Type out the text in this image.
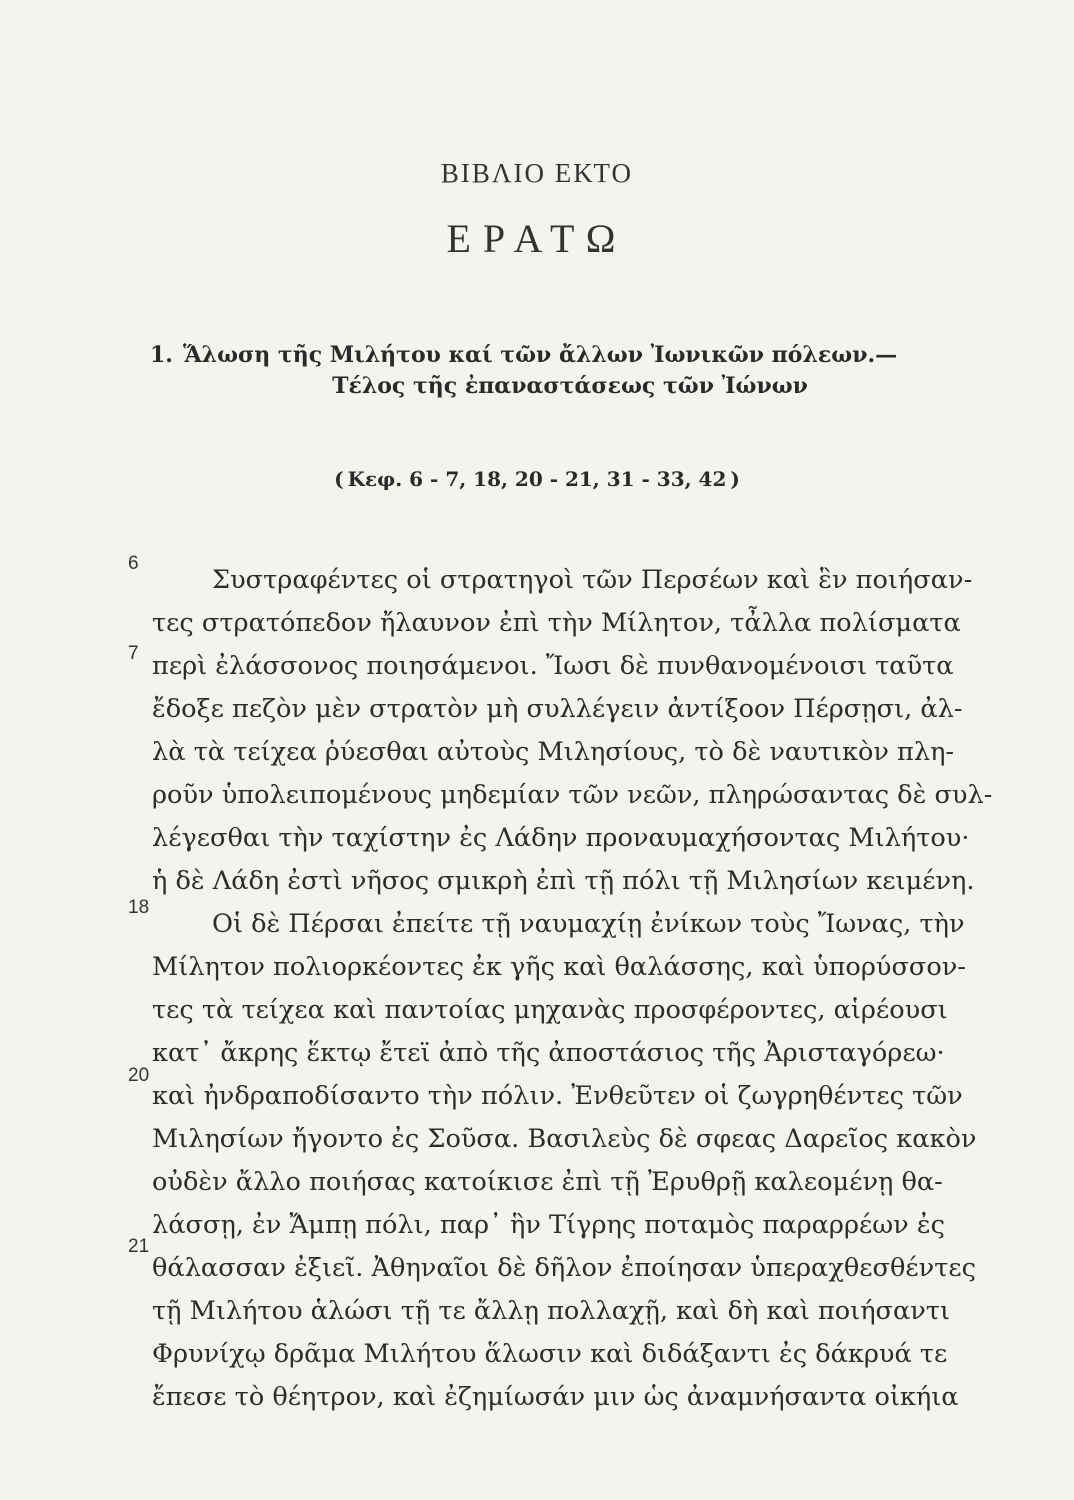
ΒΙΒΛΙΟ ΕΚΤΟ
ΕΡΑΤΩ
1. Ἅλωση τῆς Μιλήτου καί τῶν ἄλλων Ἰωνικῶν πόλεων.—
Τέλος τῆς ἐπαναστάσεως τῶν Ἰώνων
( Κεφ. 6 - 7, 18, 20 - 21, 31 - 33, 42 )
6
7
18
20
21
Συστραφέντες οἱ στρατηγοὶ τῶν Περσέων καὶ ἓν ποιήσαν-
τες στρατόπεδον ἤλαυνον ἐπὶ τὴν Μίλητον, τἆλλα πολίσματα
περὶ ἐλάσσονος ποιησάμενοι. Ἴωσι δὲ πυνθανομένοισι ταῦτα
ἔδοξε πεζὸν μὲν στρατὸν μὴ συλλέγειν ἀντίξοον Πέρσῃσι, ἀλ-
λὰ τὰ τείχεα ῥύεσθαι αὐτοὺς Μιλησίους, τὸ δὲ ναυτικὸν πλη-
ροῦν ὑπολειπομένους μηδεμίαν τῶν νεῶν, πληρώσαντας δὲ συλ-
λέγεσθαι τὴν ταχίστην ἐς Λάδην προναυμαχήσοντας Μιλήτου·
ἡ δὲ Λάδη ἐστὶ νῆσος σμικρὴ ἐπὶ τῇ πόλι τῇ Μιλησίων κειμένη.
Οἱ δὲ Πέρσαι ἐπείτε τῇ ναυμαχίῃ ἐνίκων τοὺς Ἴωνας, τὴν
Μίλητον πολιορκέοντες ἐκ γῆς καὶ θαλάσσης, καὶ ὑπορύσσον-
τες τὰ τείχεα καὶ παντοίας μηχανὰς προσφέροντες, αἱρέουσι
κατ᾽ ἄκρης ἕκτῳ ἔτεϊ ἀπὸ τῆς ἀποστάσιος τῆς Ἀρισταγόρεω·
καὶ ἠνδραποδίσαντο τὴν πόλιν. Ἐνθεῦτεν οἱ ζωγρηθέντες τῶν
Μιλησίων ἤγοντο ἐς Σοῦσα. Βασιλεὺς δὲ σφεας Δαρεῖος κακὸν
οὐδὲν ἄλλο ποιήσας κατοίκισε ἐπὶ τῇ Ἐρυθρῇ καλεομένῃ θα-
λάσσῃ, ἐν Ἄμπῃ πόλι, παρ᾽ ἣν Τίγρης ποταμὸς παραρρέων ἐς
θάλασσαν ἐξιεῖ. Ἀθηναῖοι δὲ δῆλον ἐποίησαν ὑπεραχθεσθέντες
τῇ Μιλήτου ἁλώσι τῇ τε ἄλλῃ πολλαχῇ, καὶ δὴ καὶ ποιήσαντι
Φρυνίχῳ δρᾶμα Μιλήτου ἅλωσιν καὶ διδάξαντι ἐς δάκρυά τε
ἔπεσε τὸ θέητρον, καὶ ἐζημίωσάν μιν ὡς ἀναμνήσαντα οἰκήια
